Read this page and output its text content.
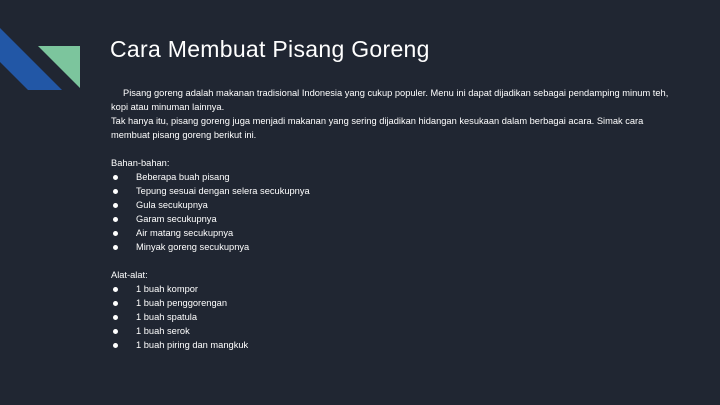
Cara Membuat Pisang Goreng

Pisang goreng adalah makanan tradisional Indonesia yang cukup populer. Menu ini dapat dijadikan sebagai pendamping minum teh, kopi atau minuman lainnya.

Tak hanya itu, pisang goreng juga menjadi makanan yang sering dijadikan hidangan kesukaan dalam berbagai acara. Simak cara membuat pisang goreng berikut ini.

Bahan-bahan:

Beberapa buah pisang
Tepung sesuai dengan selera secukupnya
Gula secukupnya
Garam secukupnya
Air matang secukupnya
Minyak goreng secukupnya

Alat-alat:

1 buah kompor
1 buah penggorengan
1 buah spatula
1 buah serok
1 buah piring dan mangkuk
